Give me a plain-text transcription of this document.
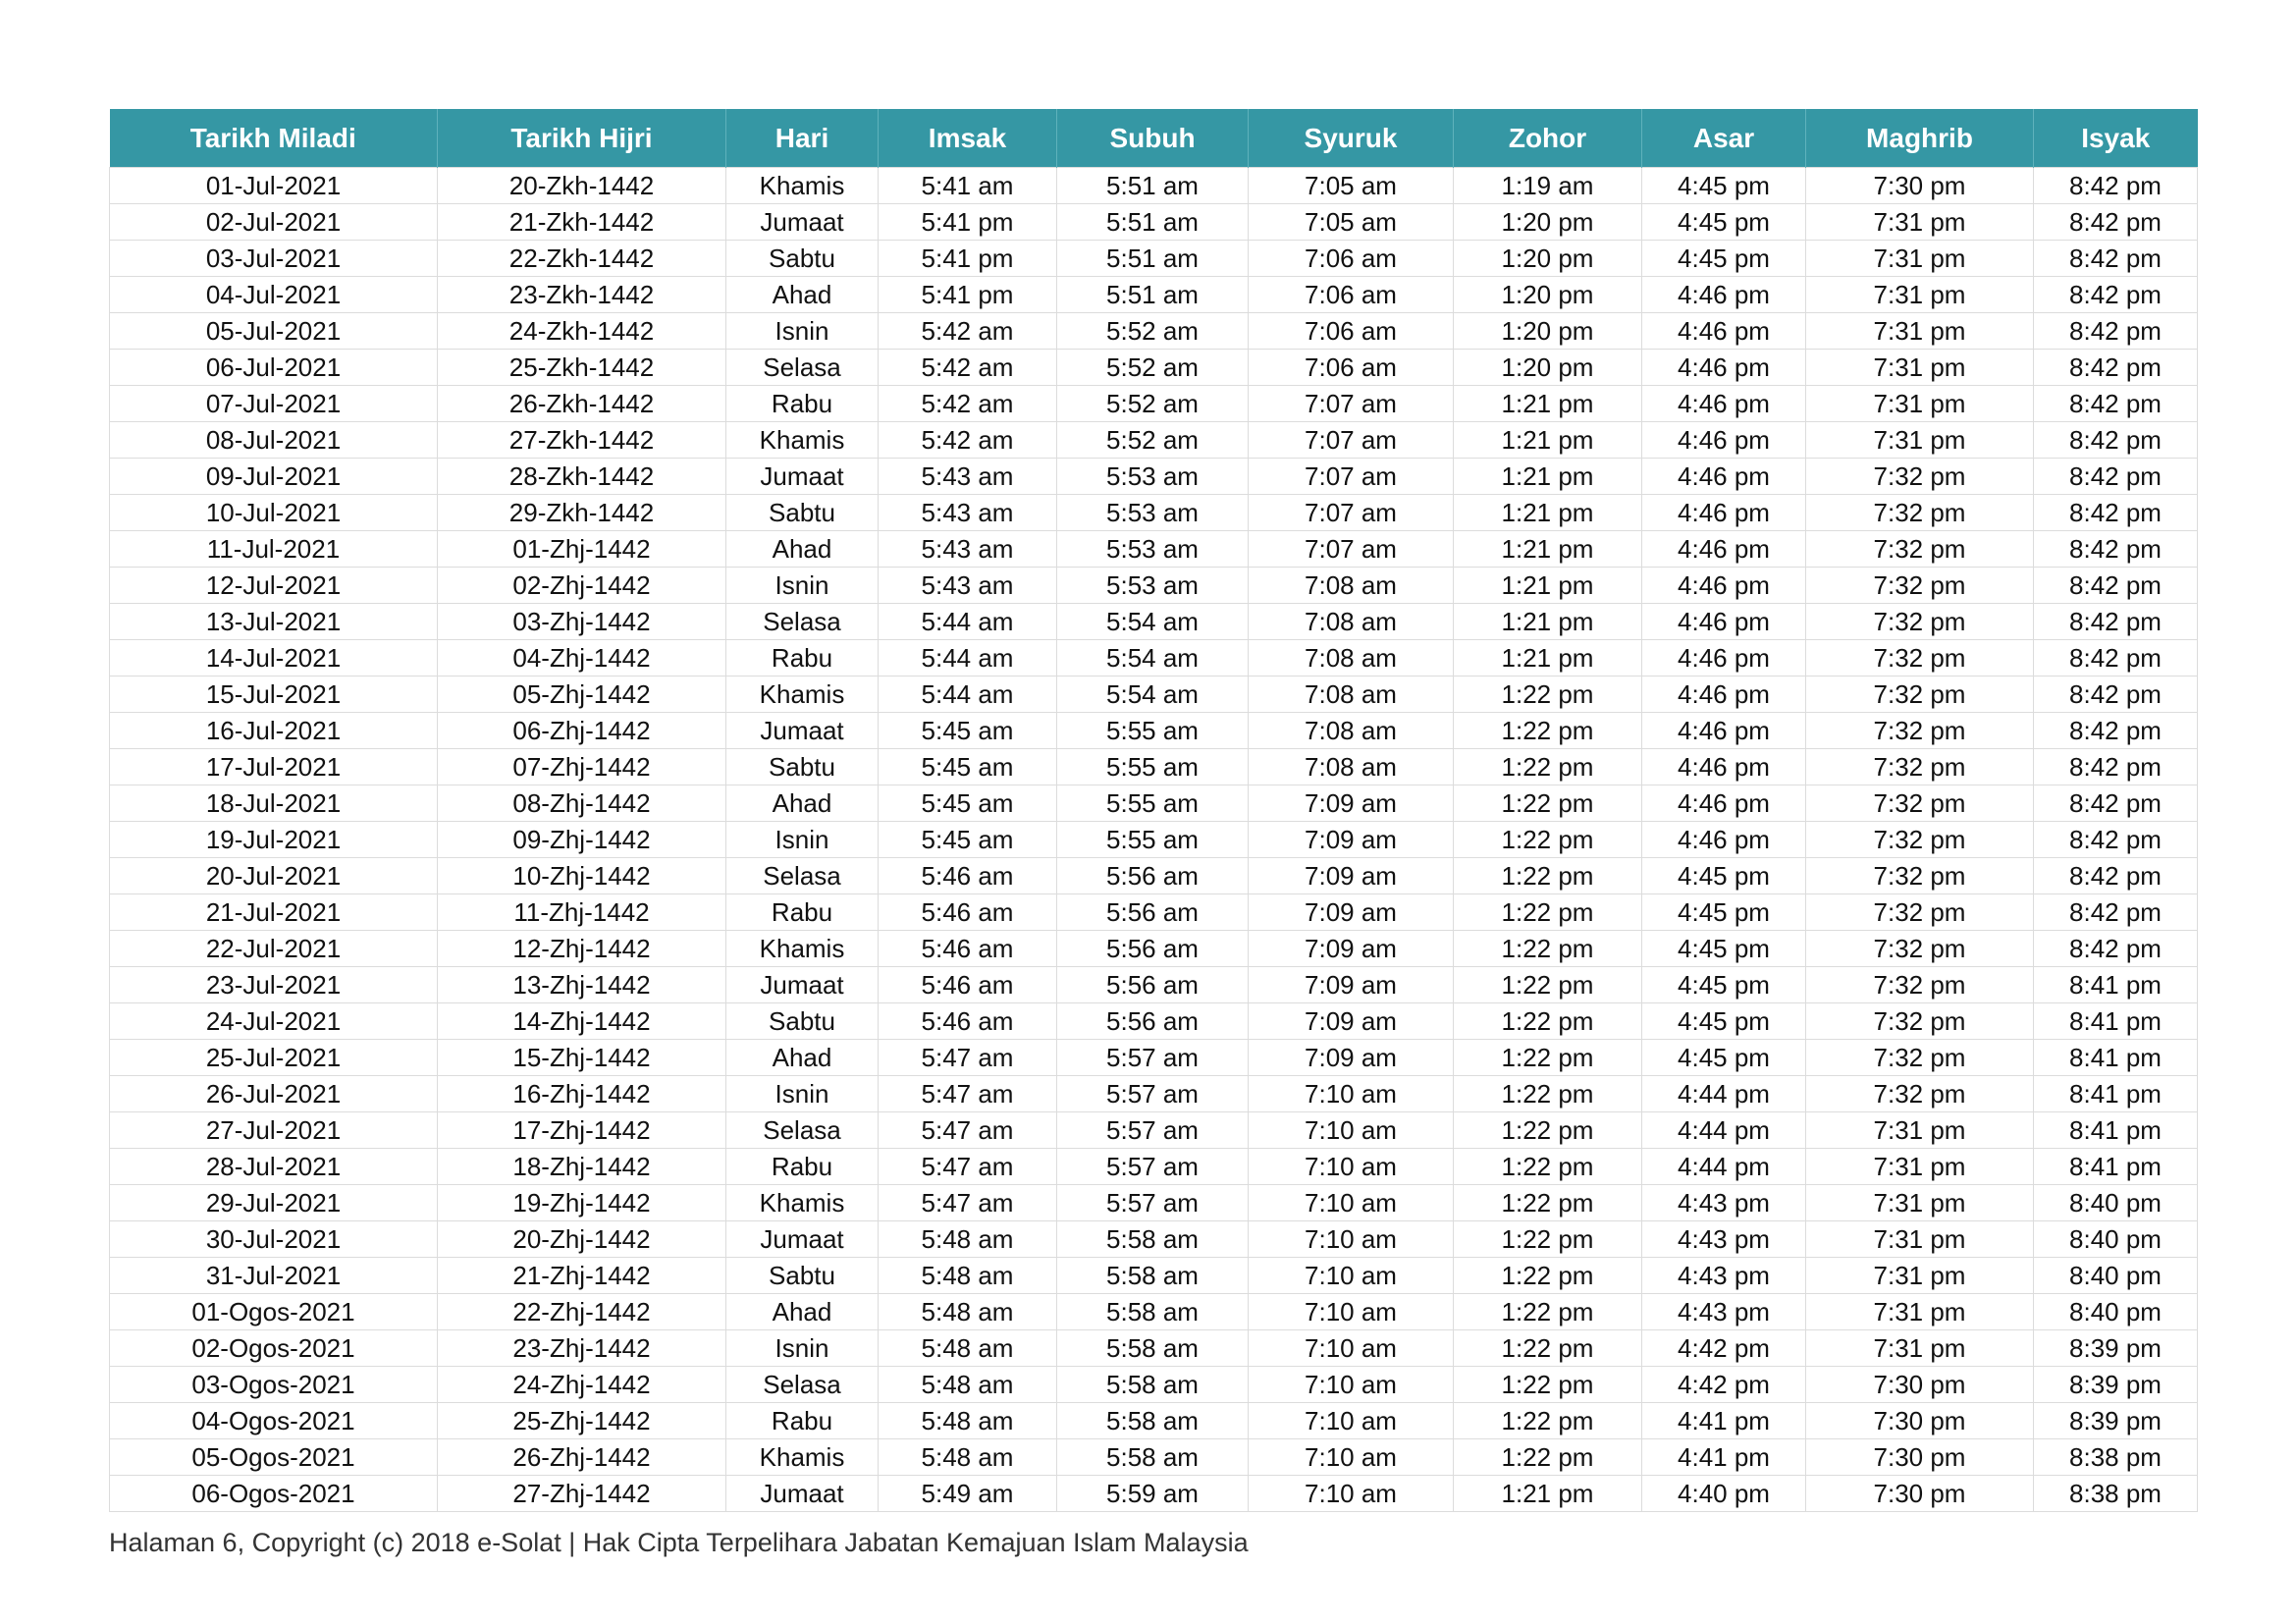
Tarikh Miladi	Tarikh Hijri	Hari	Imsak	Subuh	Syuruk	Zohor	Asar	Maghrib	Isyak
01-Jul-2021	20-Zkh-1442	Khamis	5:41 am	5:51 am	7:05 am	1:19 am	4:45 pm	7:30 pm	8:42 pm
02-Jul-2021	21-Zkh-1442	Jumaat	5:41 pm	5:51 am	7:05 am	1:20 pm	4:45 pm	7:31 pm	8:42 pm
03-Jul-2021	22-Zkh-1442	Sabtu	5:41 pm	5:51 am	7:06 am	1:20 pm	4:45 pm	7:31 pm	8:42 pm
04-Jul-2021	23-Zkh-1442	Ahad	5:41 pm	5:51 am	7:06 am	1:20 pm	4:46 pm	7:31 pm	8:42 pm
05-Jul-2021	24-Zkh-1442	Isnin	5:42 am	5:52 am	7:06 am	1:20 pm	4:46 pm	7:31 pm	8:42 pm
06-Jul-2021	25-Zkh-1442	Selasa	5:42 am	5:52 am	7:06 am	1:20 pm	4:46 pm	7:31 pm	8:42 pm
07-Jul-2021	26-Zkh-1442	Rabu	5:42 am	5:52 am	7:07 am	1:21 pm	4:46 pm	7:31 pm	8:42 pm
08-Jul-2021	27-Zkh-1442	Khamis	5:42 am	5:52 am	7:07 am	1:21 pm	4:46 pm	7:31 pm	8:42 pm
09-Jul-2021	28-Zkh-1442	Jumaat	5:43 am	5:53 am	7:07 am	1:21 pm	4:46 pm	7:32 pm	8:42 pm
10-Jul-2021	29-Zkh-1442	Sabtu	5:43 am	5:53 am	7:07 am	1:21 pm	4:46 pm	7:32 pm	8:42 pm
11-Jul-2021	01-Zhj-1442	Ahad	5:43 am	5:53 am	7:07 am	1:21 pm	4:46 pm	7:32 pm	8:42 pm
12-Jul-2021	02-Zhj-1442	Isnin	5:43 am	5:53 am	7:08 am	1:21 pm	4:46 pm	7:32 pm	8:42 pm
13-Jul-2021	03-Zhj-1442	Selasa	5:44 am	5:54 am	7:08 am	1:21 pm	4:46 pm	7:32 pm	8:42 pm
14-Jul-2021	04-Zhj-1442	Rabu	5:44 am	5:54 am	7:08 am	1:21 pm	4:46 pm	7:32 pm	8:42 pm
15-Jul-2021	05-Zhj-1442	Khamis	5:44 am	5:54 am	7:08 am	1:22 pm	4:46 pm	7:32 pm	8:42 pm
16-Jul-2021	06-Zhj-1442	Jumaat	5:45 am	5:55 am	7:08 am	1:22 pm	4:46 pm	7:32 pm	8:42 pm
17-Jul-2021	07-Zhj-1442	Sabtu	5:45 am	5:55 am	7:08 am	1:22 pm	4:46 pm	7:32 pm	8:42 pm
18-Jul-2021	08-Zhj-1442	Ahad	5:45 am	5:55 am	7:09 am	1:22 pm	4:46 pm	7:32 pm	8:42 pm
19-Jul-2021	09-Zhj-1442	Isnin	5:45 am	5:55 am	7:09 am	1:22 pm	4:46 pm	7:32 pm	8:42 pm
20-Jul-2021	10-Zhj-1442	Selasa	5:46 am	5:56 am	7:09 am	1:22 pm	4:45 pm	7:32 pm	8:42 pm
21-Jul-2021	11-Zhj-1442	Rabu	5:46 am	5:56 am	7:09 am	1:22 pm	4:45 pm	7:32 pm	8:42 pm
22-Jul-2021	12-Zhj-1442	Khamis	5:46 am	5:56 am	7:09 am	1:22 pm	4:45 pm	7:32 pm	8:42 pm
23-Jul-2021	13-Zhj-1442	Jumaat	5:46 am	5:56 am	7:09 am	1:22 pm	4:45 pm	7:32 pm	8:41 pm
24-Jul-2021	14-Zhj-1442	Sabtu	5:46 am	5:56 am	7:09 am	1:22 pm	4:45 pm	7:32 pm	8:41 pm
25-Jul-2021	15-Zhj-1442	Ahad	5:47 am	5:57 am	7:09 am	1:22 pm	4:45 pm	7:32 pm	8:41 pm
26-Jul-2021	16-Zhj-1442	Isnin	5:47 am	5:57 am	7:10 am	1:22 pm	4:44 pm	7:32 pm	8:41 pm
27-Jul-2021	17-Zhj-1442	Selasa	5:47 am	5:57 am	7:10 am	1:22 pm	4:44 pm	7:31 pm	8:41 pm
28-Jul-2021	18-Zhj-1442	Rabu	5:47 am	5:57 am	7:10 am	1:22 pm	4:44 pm	7:31 pm	8:41 pm
29-Jul-2021	19-Zhj-1442	Khamis	5:47 am	5:57 am	7:10 am	1:22 pm	4:43 pm	7:31 pm	8:40 pm
30-Jul-2021	20-Zhj-1442	Jumaat	5:48 am	5:58 am	7:10 am	1:22 pm	4:43 pm	7:31 pm	8:40 pm
31-Jul-2021	21-Zhj-1442	Sabtu	5:48 am	5:58 am	7:10 am	1:22 pm	4:43 pm	7:31 pm	8:40 pm
01-Ogos-2021	22-Zhj-1442	Ahad	5:48 am	5:58 am	7:10 am	1:22 pm	4:43 pm	7:31 pm	8:40 pm
02-Ogos-2021	23-Zhj-1442	Isnin	5:48 am	5:58 am	7:10 am	1:22 pm	4:42 pm	7:31 pm	8:39 pm
03-Ogos-2021	24-Zhj-1442	Selasa	5:48 am	5:58 am	7:10 am	1:22 pm	4:42 pm	7:30 pm	8:39 pm
04-Ogos-2021	25-Zhj-1442	Rabu	5:48 am	5:58 am	7:10 am	1:22 pm	4:41 pm	7:30 pm	8:39 pm
05-Ogos-2021	26-Zhj-1442	Khamis	5:48 am	5:58 am	7:10 am	1:22 pm	4:41 pm	7:30 pm	8:38 pm
06-Ogos-2021	27-Zhj-1442	Jumaat	5:49 am	5:59 am	7:10 am	1:21 pm	4:40 pm	7:30 pm	8:38 pm
Halaman 6, Copyright (c) 2018 e-Solat | Hak Cipta Terpelihara Jabatan Kemajuan Islam Malaysia
